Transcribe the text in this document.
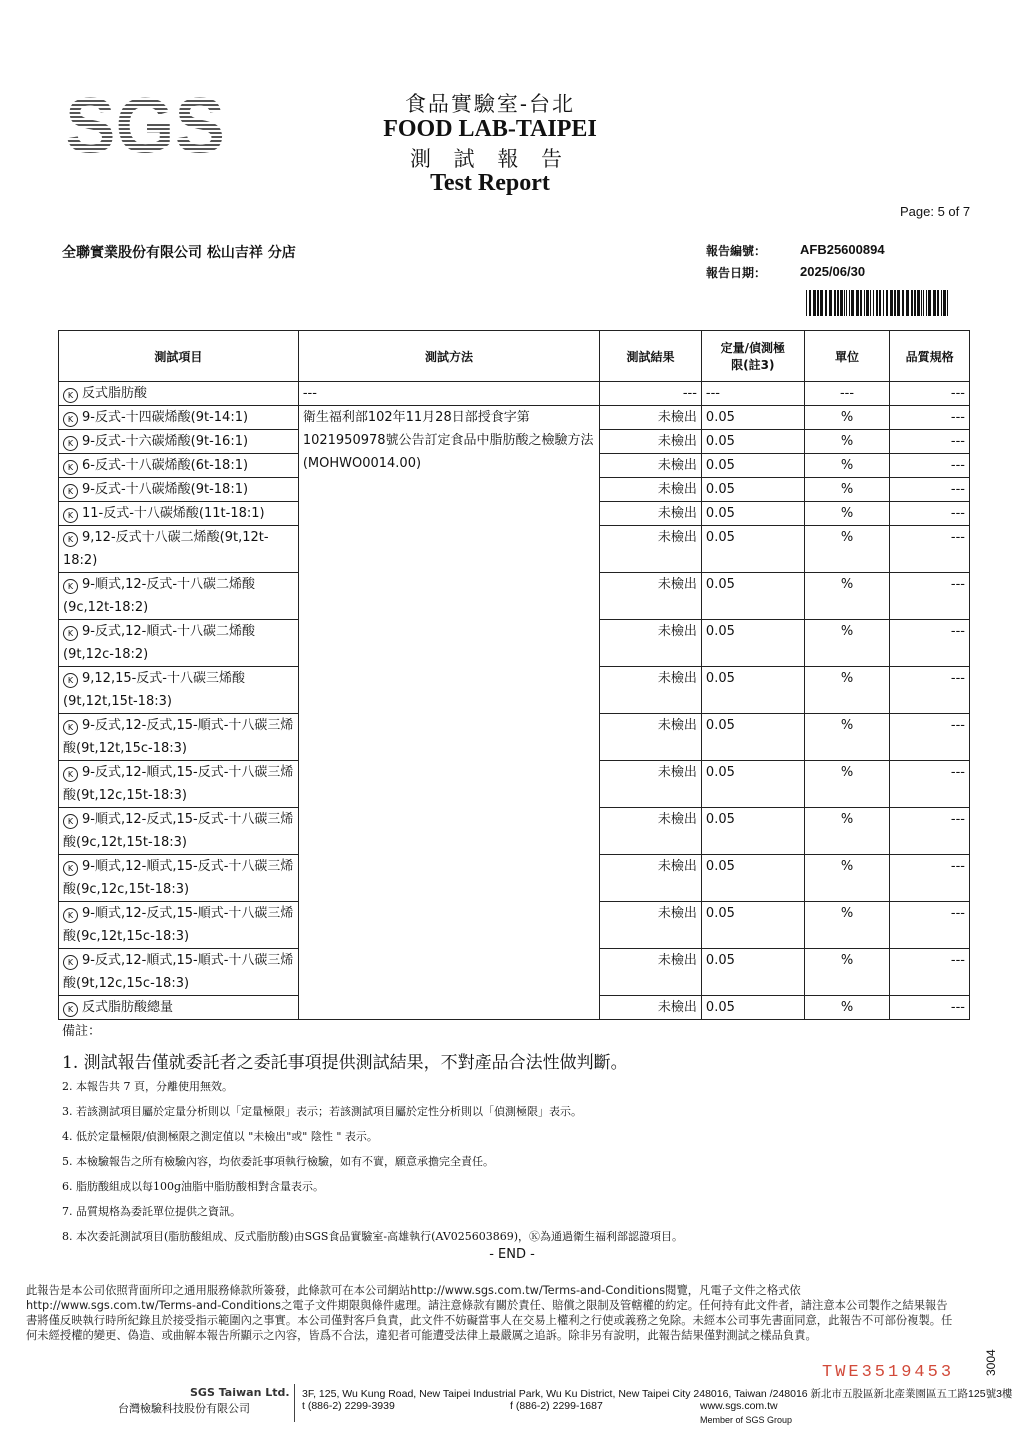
SGS	食品實驗室-台北
FOOD LAB-TAIPEI
測 試 報 告
Test Report
Page: 5 of 7
全聯實業股份有限公司 松山吉祥 分店	報告編號：	AFB25600894
報告日期：	2025/06/30
測試項目	測試方法	測試結果	定量/偵測極限(註3)	單位	品質規格
K 反式脂肪酸	---	---	---	---	---
K 9-反式-十四碳烯酸(9t-14:1)	衛生福利部102年11月28日部授食字第1021950978號公告訂定食品中脂肪酸之檢驗方法(MOHWO0014.00)	未檢出	0.05	%	---
K 9-反式-十六碳烯酸(9t-16:1)		未檢出	0.05	%	---
K 6-反式-十八碳烯酸(6t-18:1)		未檢出	0.05	%	---
K 9-反式-十八碳烯酸(9t-18:1)		未檢出	0.05	%	---
K 11-反式-十八碳烯酸(11t-18:1)		未檢出	0.05	%	---
K 9,12-反式十八碳二烯酸(9t,12t-18:2)		未檢出	0.05	%	---
K 9-順式,12-反式-十八碳二烯酸(9c,12t-18:2)		未檢出	0.05	%	---
K 9-反式,12-順式-十八碳二烯酸(9t,12c-18:2)		未檢出	0.05	%	---
K 9,12,15-反式-十八碳三烯酸(9t,12t,15t-18:3)		未檢出	0.05	%	---
K 9-反式,12-反式,15-順式-十八碳三烯酸(9t,12t,15c-18:3)		未檢出	0.05	%	---
K 9-反式,12-順式,15-反式-十八碳三烯酸(9t,12c,15t-18:3)		未檢出	0.05	%	---
K 9-順式,12-反式,15-反式-十八碳三烯酸(9c,12t,15t-18:3)		未檢出	0.05	%	---
K 9-順式,12-順式,15-反式-十八碳三烯酸(9c,12c,15t-18:3)		未檢出	0.05	%	---
K 9-順式,12-反式,15-順式-十八碳三烯酸(9c,12t,15c-18:3)		未檢出	0.05	%	---
K 9-反式,12-順式,15-順式-十八碳三烯酸(9t,12c,15c-18:3)		未檢出	0.05	%	---
K 反式脂肪酸總量		未檢出	0.05	%	---
備註：
1. 測試報告僅就委託者之委託事項提供測試結果，不對產品合法性做判斷。
2. 本報告共 7 頁，分離使用無效。
3. 若該測試項目屬於定量分析則以「定量極限」表示；若該測試項目屬於定性分析則以「偵測極限」表示。
4. 低於定量極限/偵測極限之測定值以 "未檢出"或" 陰性 " 表示。
5. 本檢驗報告之所有檢驗內容，均依委託事項執行檢驗，如有不實，願意承擔完全責任。
6. 脂肪酸組成以每100g油脂中脂肪酸相對含量表示。
7. 品質規格為委託單位提供之資訊。
8. 本次委託測試項目(脂肪酸組成、反式脂肪酸)由SGS食品實驗室-高雄執行(AV025603869)，Ⓚ為通過衛生福利部認證項目。
- END -
此報告是本公司依照背面所印之通用服務條款所簽發，此條款可在本公司網站http://www.sgs.com.tw/Terms-and-Conditions閱覽，凡電子文件之格式依http://www.sgs.com.tw/Terms-and-Conditions之電子文件期限與條件處理。請注意條款有關於責任、賠償之限制及管轄權的約定。任何持有此文件者，請注意本公司製作之結果報告書將僅反映執行時所紀錄且於接受指示範圍內之事實。本公司僅對客戶負責，此文件不妨礙當事人在交易上權利之行使或義務之免除。未經本公司事先書面同意，此報告不可部份複製。任何未經授權的變更、偽造、或曲解本報告所顯示之內容，皆爲不合法，違犯者可能遭受法律上最嚴厲之追訴。除非另有說明，此報告結果僅對測試之樣品負責。
SGS Taiwan Ltd.
台灣檢驗科技股份有限公司
3F, 125, Wu Kung Road, New Taipei Industrial Park, Wu Ku District, New Taipei City 248016, Taiwan /248016 新北市五股區新北產業園區五工路125號3樓
t (886-2) 2299-3939	f (886-2) 2299-1687	www.sgs.com.tw
Member of SGS Group
TWE3519453 3004
